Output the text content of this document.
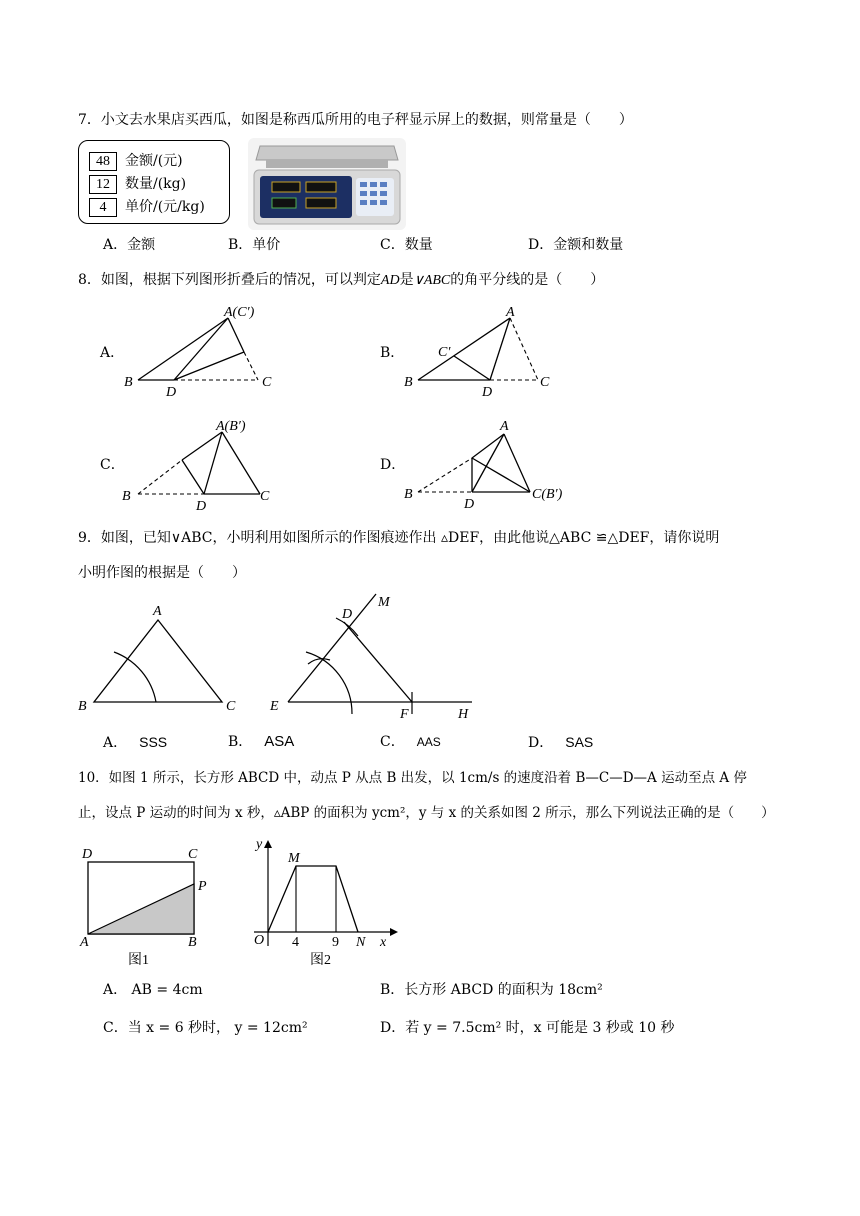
7．小文去水果店买西瓜，如图是称西瓜所用的电子秤显示屏上的数据，则常量是（　　）
48 金额/(元)
12 数量/(kg)
4 单价/(元/kg)
A．金额	B．单价	C．数量	D．金额和数量
8．如图，根据下列图形折叠后的情况，可以判定AD是∨ABC的角平分线的是（　　）
A．
A(C′)
B
D
C
B．
A
C′
B
D
C
C．
A(B′)
B
D
C
D．
A
B
D
C(B′)
9．如图，已知∨ABC，小明利用如图所示的作图痕迹作出 ▵DEF，由此他说△ABC ≌△DEF，请你说明
小明作图的根据是（　　）
A
B	C
D
M
E
F	H
A． SSS	B． ASA	C． AAS	D． SAS
10．如图 1 所示，长方形 ABCD 中，动点 P 从点 B 出发，以 1cm/s 的速度沿着 B—C—D—A 运动至点 A 停
止，设点 P 运动的时间为 x 秒，▵ABP 的面积为 ycm²，y 与 x 的关系如图 2 所示，那么下列说法正确的是（　　）
D	C
P
A	B
图1
y
M
O 4 9 N x
图2
A． AB = 4cm	B．长方形 ABCD 的面积为 18cm²
C．当 x = 6 秒时， y = 12cm²	D．若 y = 7.5cm² 时，x 可能是 3 秒或 10 秒
